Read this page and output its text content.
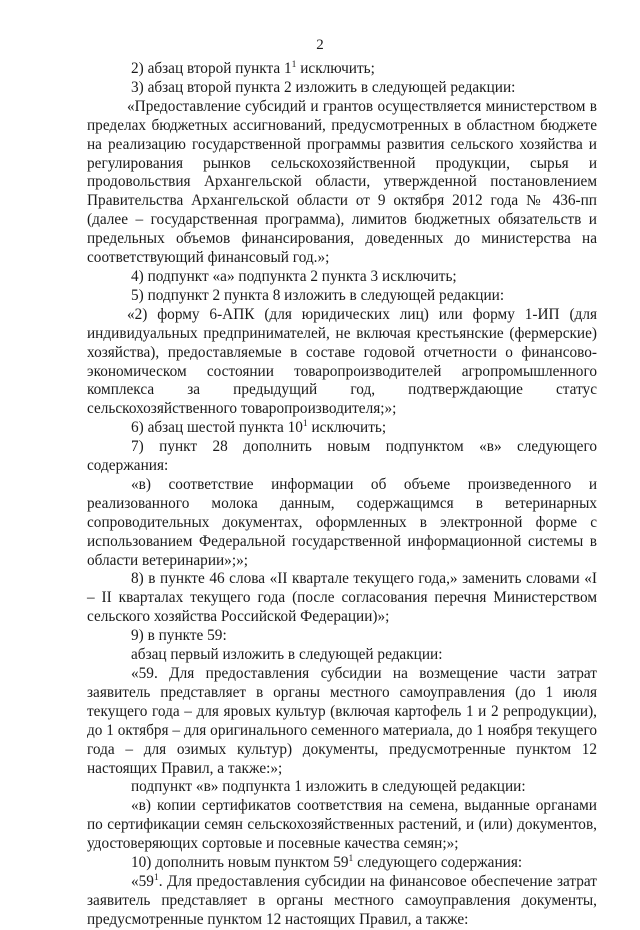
2

2) абзац второй пункта $1^1$ исключить;

3) абзац второй пункта 2 изложить в следующей редакции:

«Предоставление субсидий и грантов осуществляется министерством в пределах бюджетных ассигнований, предусмотренных в областном бюджете на реализацию государственной программы развития сельского хозяйства и регулирования рынков сельскохозяйственной продукции, сырья и продовольствия Архангельской области, утвержденной постановлением Правительства Архангельской области от 9 октября 2012 года № 436-пп (далее – государственная программа), лимитов бюджетных обязательств и предельных объемов финансирования, доведенных до министерства на соответствующий финансовый год.»;

4) подпункт «а» подпункта 2 пункта 3 исключить;

5) подпункт 2 пункта 8 изложить в следующей редакции:

«2) форму 6-АПК (для юридических лиц) или форму 1-ИП (для индивидуальных предпринимателей, не включая крестьянские (фермерские) хозяйства), предоставляемые в составе годовой отчетности о финансово-экономическом состоянии товаропроизводителей агропромышленного комплекса за предыдущий год, подтверждающие статус сельскохозяйственного товаропроизводителя;»;

6) абзац шестой пункта $10^1$ исключить;

7) пункт 28 дополнить новым подпунктом «в» следующего содержания:

«в) соответствие информации об объеме произведенного и реализованного молока данным, содержащимся в ветеринарных сопроводительных документах, оформленных в электронной форме с использованием Федеральной государственной информационной системы в области ветеринарии»;»;

8) в пункте 46 слова «II квартале текущего года,» заменить словами «I – II кварталах текущего года (после согласования перечня Министерством сельского хозяйства Российской Федерации)»;

9) в пункте 59:

абзац первый изложить в следующей редакции:

«59. Для предоставления субсидии на возмещение части затрат заявитель представляет в органы местного самоуправления (до 1 июля текущего года – для яровых культур (включая картофель 1 и 2 репродукции), до 1 октября – для оригинального семенного материала, до 1 ноября текущего года – для озимых культур) документы, предусмотренные пунктом 12 настоящих Правил, а также:»;

подпункт «в» подпункта 1 изложить в следующей редакции:

«в) копии сертификатов соответствия на семена, выданные органами по сертификации семян сельскохозяйственных растений, и (или) документов, удостоверяющих сортовые и посевные качества семян;»;

10) дополнить новым пунктом $59^1$ следующего содержания:

«$59^1$. Для предоставления субсидии на финансовое обеспечение затрат заявитель представляет в органы местного самоуправления документы, предусмотренные пунктом 12 настоящих Правил, а также:
